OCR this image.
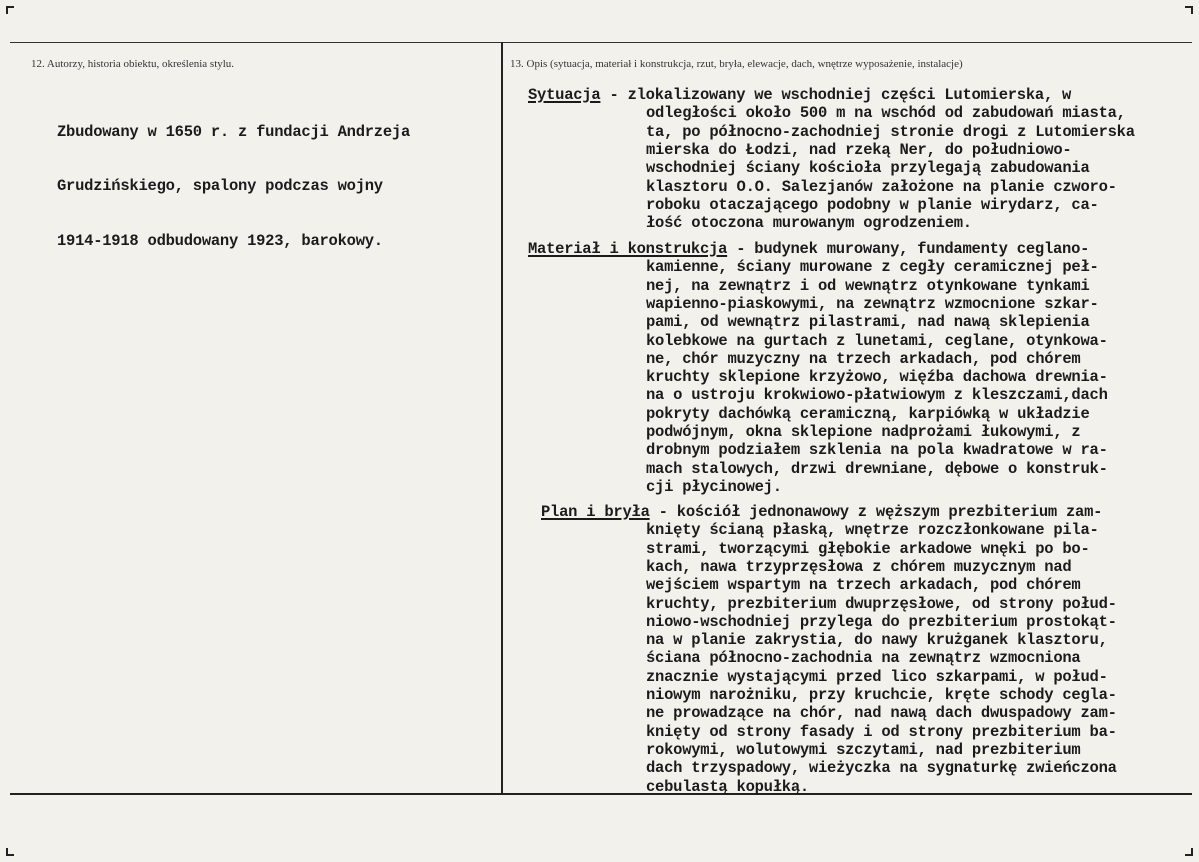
12. Autorzy, historia obiektu, określenia stylu.	13. Opis (sytuacja, materiał i konstrukcja, rzut, bryła, elewacje, dach, wnętrze wyposażenie, instalacje)

Zbudowany w 1650 r. z fundacji Andrzeja

Grudzińskiego, spalony podczas wojny

1914-1918 odbudowany 1923, barokowy.

Sytuacja - zlokalizowany we wschodniej części Lutomierska, w
odległości około 500 m na wschód od zabudowań miasta,
ta, po północno-zachodniej stronie drogi z Lutomierska
mierska do Łodzi, nad rzeką Ner, do południowo-
wschodniej ściany kościoła przylegają zabudowania
klasztoru O.O. Salezjanów założone na planie czworo-
roboku otaczającego podobny w planie wirydarz, ca-
łość otoczona murowanym ogrodzeniem.
Materiał i konstrukcja - budynek murowany, fundamenty ceglano-
kamienne, ściany murowane z cegły ceramicznej peł-
nej, na zewnątrz i od wewnątrz otynkowane tynkami
wapienno-piaskowymi, na zewnątrz wzmocnione szkar-
pami, od wewnątrz pilastrami, nad nawą sklepienia
kolebkowe na gurtach z lunetami, ceglane, otynkowa-
ne, chór muzyczny na trzech arkadach, pod chórem
kruchty sklepione krzyżowo, więźba dachowa drewnia-
na o ustroju krokwiowo-płatwiowym z kleszczami,dach
pokryty dachówką ceramiczną, karpiówką w układzie
podwójnym, okna sklepione nadprożami łukowymi, z
drobnym podziałem szklenia na pola kwadratowe w ra-
mach stalowych, drzwi drewniane, dębowe o konstruk-
cji płycinowej.
Plan i bryła - kościół jednonawowy z węższym prezbiterium zam-
knięty ścianą płaską, wnętrze rozczłonkowane pila-
strami, tworzącymi głębokie arkadowe wnęki po bo-
kach, nawa trzyprzęsłowa z chórem muzycznym nad
wejściem wspartym na trzech arkadach, pod chórem
kruchty, prezbiterium dwuprzęsłowe, od strony połud-
niowo-wschodniej przylega do prezbiterium prostokąt-
na w planie zakrystia, do nawy krużganek klasztoru,
ściana północno-zachodnia na zewnątrz wzmocniona
znacznie wystającymi przed lico szkarpami, w połud-
niowym narożniku, przy kruchcie, kręte schody cegla-
ne prowadzące na chór, nad nawą dach dwuspadowy zam-
knięty od strony fasady i od strony prezbiterium ba-
rokowymi, wolutowymi szczytami, nad prezbiterium
dach trzyspadowy, wieżyczka na sygnaturkę zwieńczona
cebulastą kopułką.
